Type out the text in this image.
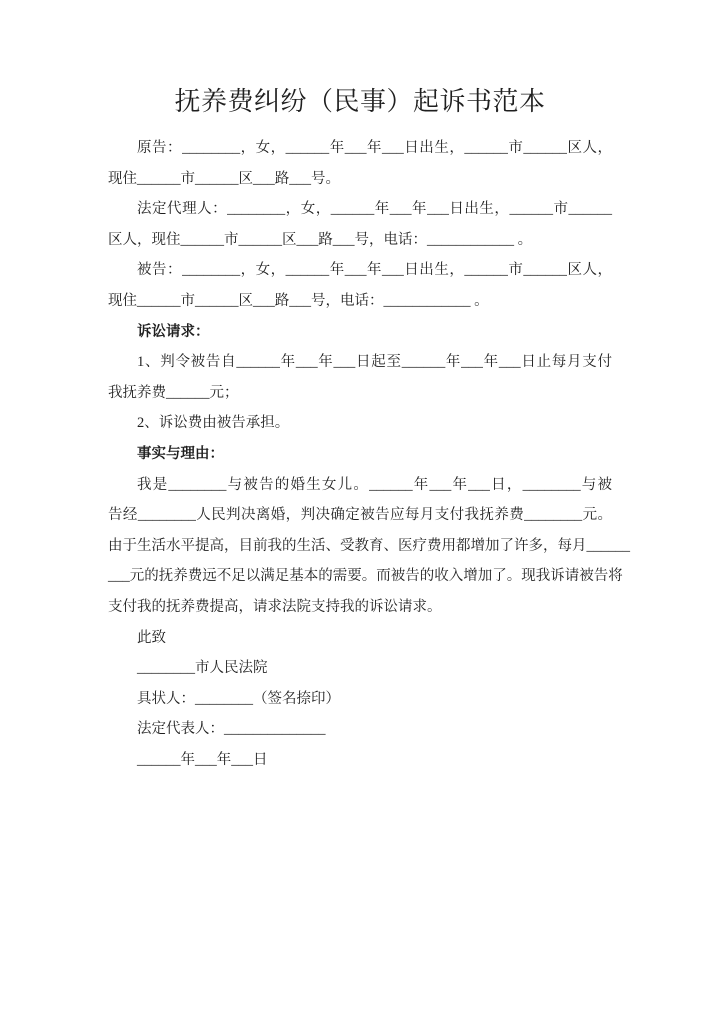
抚养费纠纷（民事）起诉书范本
原告：________，女，______年___年___日出生，______市______区人，
现住______市______区___路___号。
法定代理人：________，女，______年___年___日出生，______市______
区人，现住______市______区___路___号，电话：____________ 。
被告：________，女，______年___年___日出生，______市______区人，
现住______市______区___路___号，电话：____________ 。
诉讼请求：
1、判令被告自______年___年___日起至______年___年___日止每月支付
我抚养费______元；
2、诉讼费由被告承担。
事实与理由：
我是________与被告的婚生女儿。______年___年___日，________与被
告经________人民判决离婚，判决确定被告应每月支付我抚养费________元。
由于生活水平提高，目前我的生活、受教育、医疗费用都增加了许多，每月______
___元的抚养费远不足以满足基本的需要。而被告的收入增加了。现我诉请被告将
支付我的抚养费提高，请求法院支持我的诉讼请求。
此致
________市人民法院
具状人：________（签名捺印）
法定代表人：______________
______年___年___日
